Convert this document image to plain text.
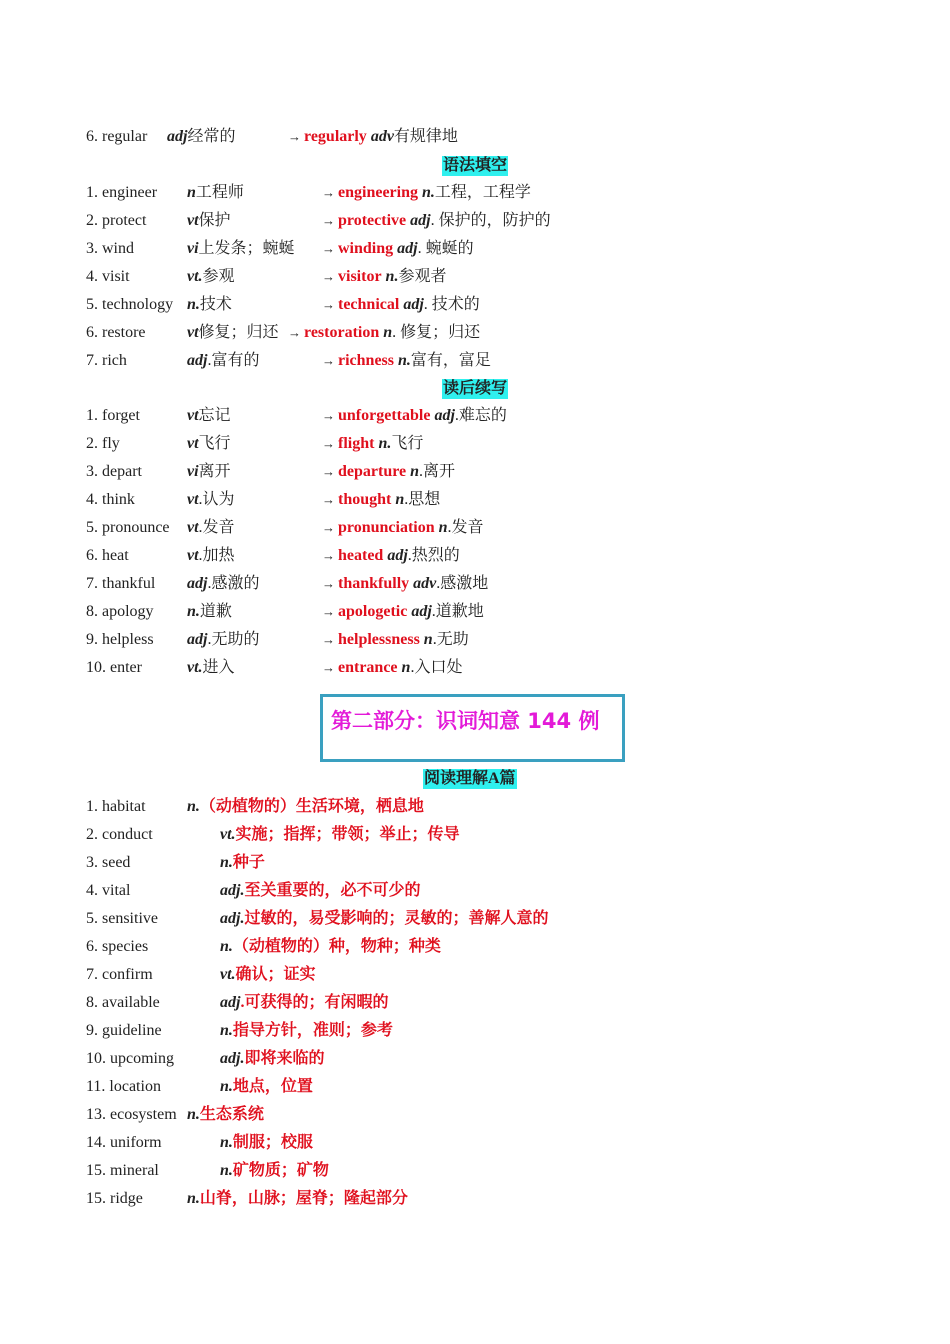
6. regular adj经常的	→ regularly adv有规律地
语法填空
1. engineer n工程师	→ engineering n.工程，工程学
2. protect	vt保护	→ protective adj. 保护的，防护的
3. wind	vi上发条；蜿蜒 → winding adj. 蜿蜒的
4. visit	vt.参观	→ visitor n.参观者
5. technology n.技术	→ technical adj. 技术的
6. restore	vt修复；归还 → restoration n. 修复；归还
7. rich	adj.富有的	→ richness n.富有，富足
读后续写
1. forget	vt忘记	→ unforgettable adj.难忘的
2. fly	vt飞行	→ flight n.飞行
3. depart	vi离开	→ departure n.离开
4. think	vt.认为	→ thought n.思想
5. pronounce vt.发音	→ pronunciation n.发音
6. heat	vt.加热	→ heated adj.热烈的
7. thankful adj.感激的	→ thankfully adv.感激地
8. apology n.道歉	→ apologetic adj.道歉地
9. helpless adj.无助的	→ helplessness n.无助
10. enter	vt.进入	→ entrance n.入口处
第二部分：识词知意 144 例
阅读理解A篇
1. habitat	n.（动植物的）生活环境，栖息地
2. conduct	vt.实施；指挥；带领；举止；传导
3. seed	n.种子
4. vital	adj.至关重要的，必不可少的
5. sensitive	adj.过敏的，易受影响的；灵敏的；善解人意的
6. species	n.（动植物的）种，物种；种类
7. confirm	vt.确认；证实
8. available	adj.可获得的；有闲暇的
9. guideline	n.指导方针，准则；参考
10. upcoming	adj.即将来临的
11. location	n.地点，位置
13. ecosystem n.生态系统
14. uniform	n.制服；校服
15. mineral	n.矿物质；矿物
15. ridge	n.山脊，山脉；屋脊；隆起部分
